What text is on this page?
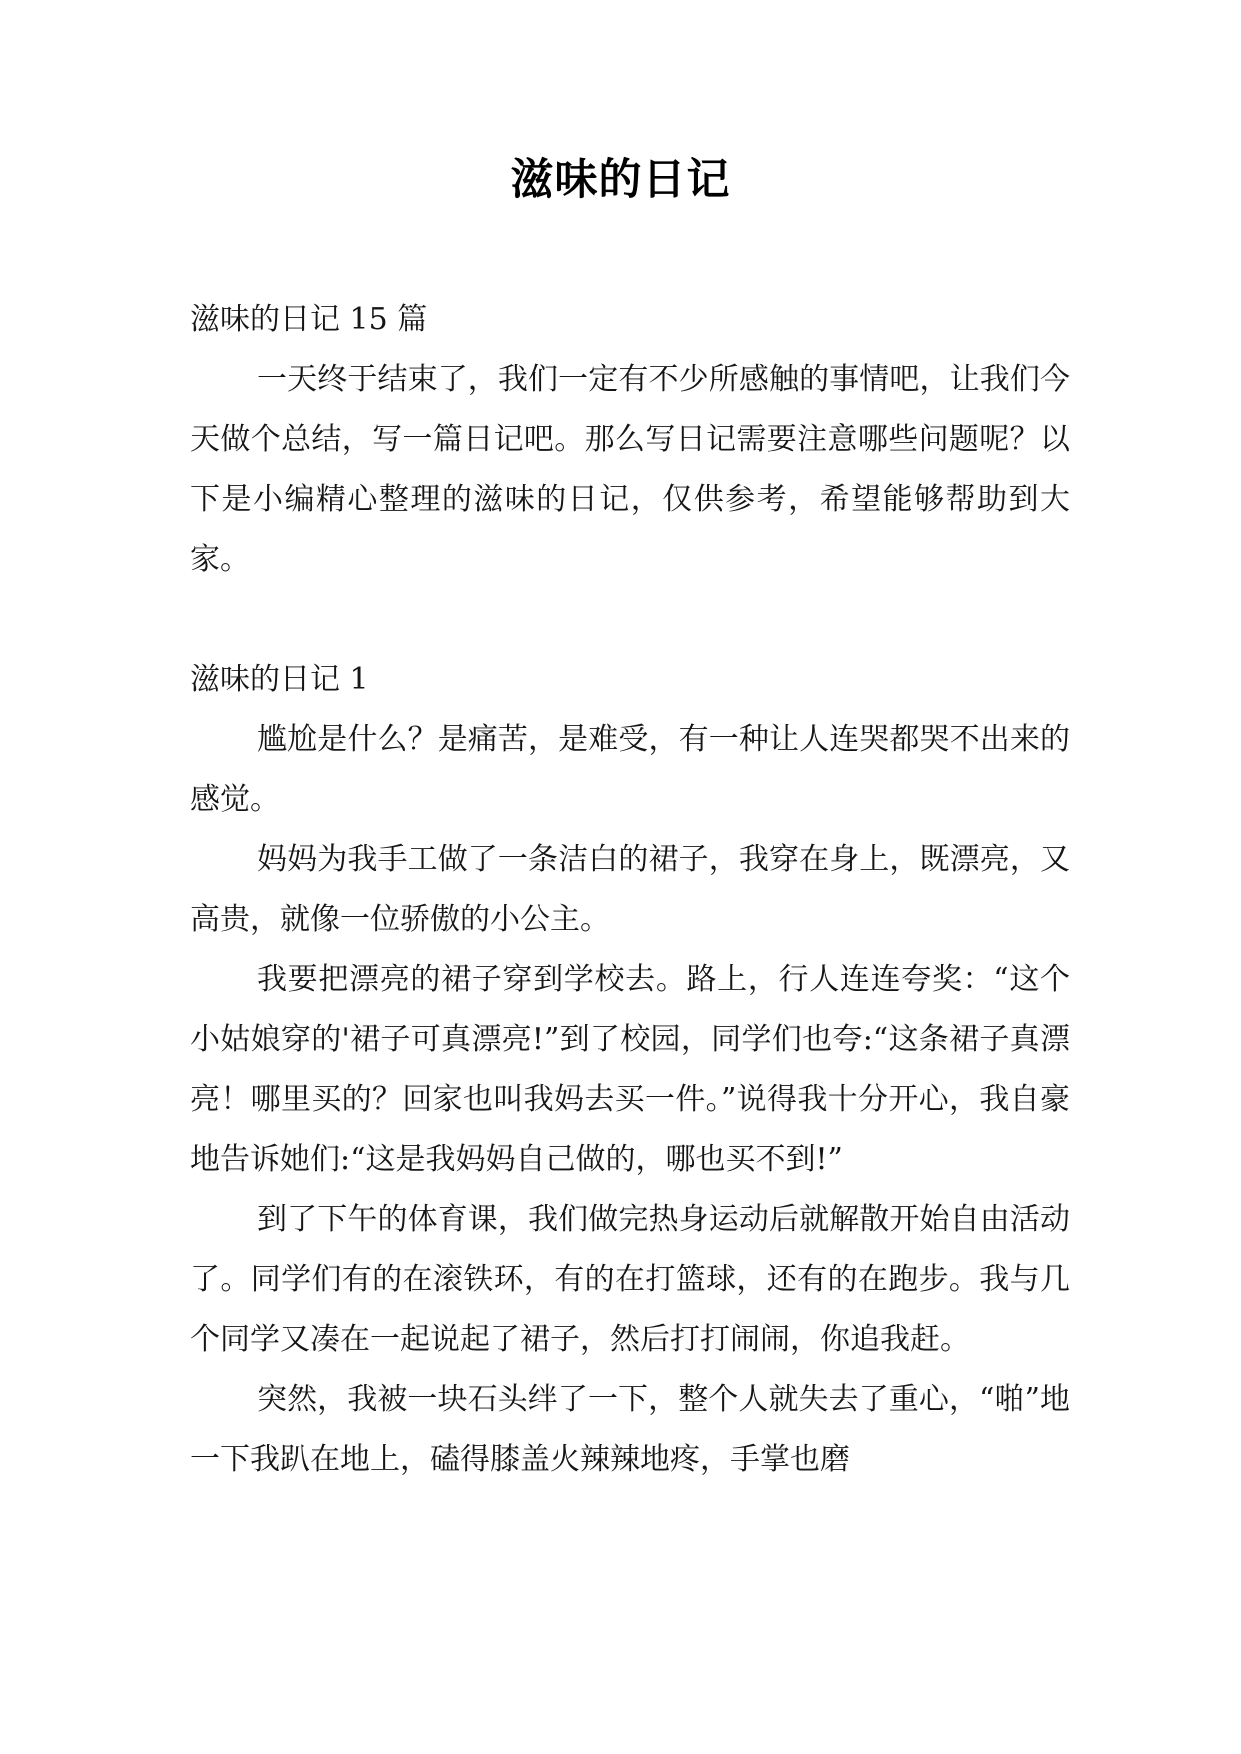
滋味的日记

滋味的日记 15 篇

一天终于结束了，我们一定有不少所感触的事情吧，让我们今天做个总结，写一篇日记吧。那么写日记需要注意哪些问题呢？以下是小编精心整理的滋味的日记，仅供参考，希望能够帮助到大家。

滋味的日记 1

尴尬是什么？是痛苦，是难受，有一种让人连哭都哭不出来的感觉。

妈妈为我手工做了一条洁白的裙子，我穿在身上，既漂亮，又高贵，就像一位骄傲的小公主。

我要把漂亮的裙子穿到学校去。路上，行人连连夸奖：“这个小姑娘穿的'裙子可真漂亮!”到了校园，同学们也夸:“这条裙子真漂亮！哪里买的？回家也叫我妈去买一件。”说得我十分开心，我自豪地告诉她们:“这是我妈妈自己做的，哪也买不到!”

到了下午的体育课，我们做完热身运动后就解散开始自由活动了。同学们有的在滚铁环，有的在打篮球，还有的在跑步。我与几个同学又凑在一起说起了裙子，然后打打闹闹，你追我赶。

突然，我被一块石头绊了一下，整个人就失去了重心，“啪”地一下我趴在地上，磕得膝盖火辣辣地疼，手掌也磨
